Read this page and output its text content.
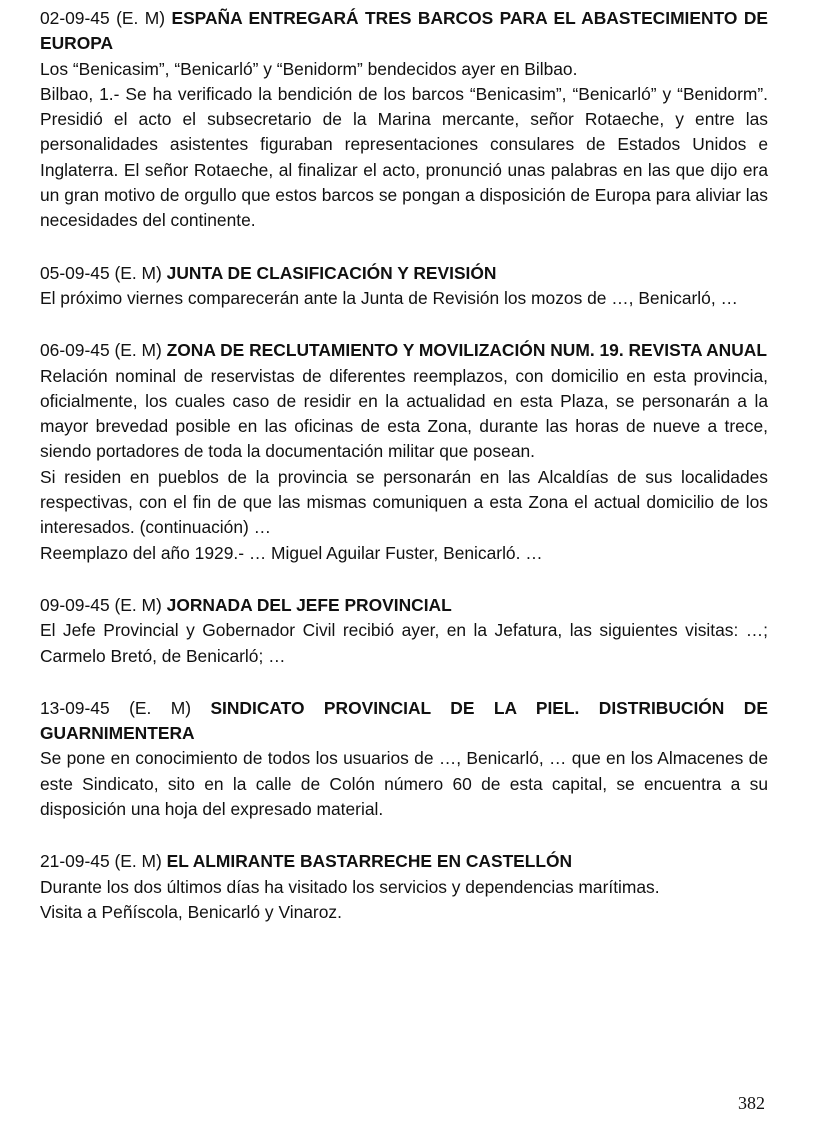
02-09-45 (E. M) ESPAÑA ENTREGARÁ TRES BARCOS PARA EL ABASTECIMIENTO DE EUROPA

Los “Benicasim”, “Benicarló” y “Benidorm” bendecidos ayer en Bilbao.

Bilbao, 1.- Se ha verificado la bendición de los barcos “Benicasim”, “Benicarló” y “Benidorm”. Presidió el acto el subsecretario de la Marina mercante, señor Rotaeche, y entre las personalidades asistentes figuraban representaciones consulares de Estados Unidos e Inglaterra. El señor Rotaeche, al finalizar el acto, pronunció unas palabras en las que dijo era un gran motivo de orgullo que estos barcos se pongan a disposición de Europa para aliviar las necesidades del continente.

05-09-45 (E. M) JUNTA DE CLASIFICACIÓN Y REVISIÓN

El próximo viernes comparecerán ante la Junta de Revisión los mozos de …, Benicarló, …

06-09-45 (E. M) ZONA DE RECLUTAMIENTO Y MOVILIZACIÓN NUM. 19. REVISTA ANUAL

Relación nominal de reservistas de diferentes reemplazos, con domicilio en esta provincia, oficialmente, los cuales caso de residir en la actualidad en esta Plaza, se personarán a la mayor brevedad posible en las oficinas de esta Zona, durante las horas de nueve a trece, siendo portadores de toda la documentación militar que posean.

Si residen en pueblos de la provincia se personarán en las Alcaldías de sus localidades respectivas, con el fin de que las mismas comuniquen a esta Zona el actual domicilio de los interesados. (continuación) …

Reemplazo del año 1929.- … Miguel Aguilar Fuster, Benicarló. …

09-09-45 (E. M) JORNADA DEL JEFE PROVINCIAL

El Jefe Provincial y Gobernador Civil recibió ayer, en la Jefatura, las siguientes visitas: …; Carmelo Bretó, de Benicarló; …

13-09-45 (E. M) SINDICATO PROVINCIAL DE LA PIEL. DISTRIBUCIÓN DE GUARNIMENTERA

Se pone en conocimiento de todos los usuarios de …, Benicarló, … que en los Almacenes de este Sindicato, sito en la calle de Colón número 60 de esta capital, se encuentra a su disposición una hoja del expresado material.

21-09-45 (E. M) EL ALMIRANTE BASTARRECHE EN CASTELLÓN

Durante los dos últimos días ha visitado los servicios y dependencias marítimas.

Visita a Peñíscola, Benicarló y Vinaroz.

382
